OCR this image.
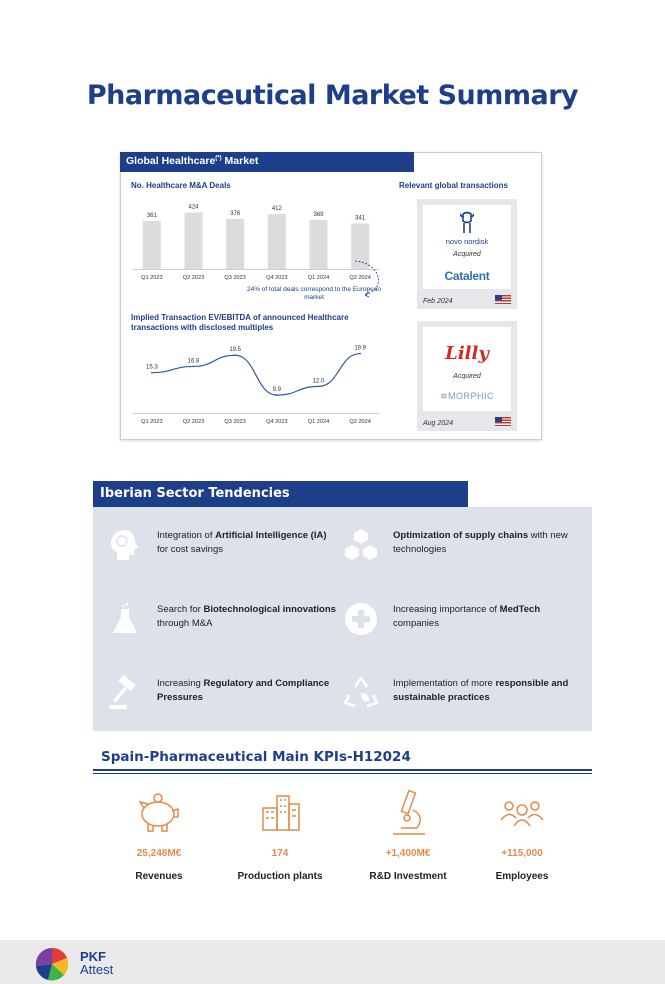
Pharmaceutical Market Summary
Global Healthcare(*) Market
No. Healthcare M&A Deals	Relevant global transactions
361
Q1 2023
424
Q2 2023
376
Q3 2023
412
Q4 2023
369
Q1 2024
341
Q2 2024
24% of total deals correspond to the European market
Implied Transaction EV/EBITDA of announced Healthcare transactions with disclosed multiples
15.3
Q1 2023
16.8
Q2 2023
19.5
Q3 2023
9.9
Q4 2023
12.0
Q1 2024
19.9
Q2 2024
novo nordisk
Acquired
Catalent
Feb 2024
Lilly
Acquired
≋MORPHIC
Aug 2024
Iberian Sector Tendencies
Integration of Artificial Intelligence (IA) for cost savings
Optimization of supply chains with new technologies
Search for Biotechnological innovations through M&A
Increasing importance of MedTech companies
Increasing Regulatory and Compliance Pressures
Implementation of more responsible and sustainable practices
Spain-Pharmaceutical Main KPIs-H12024
25,248M€
Revenues
174
Production plants
+1,400M€
R&D Investment
+115,000
Employees
PKF
Attest
